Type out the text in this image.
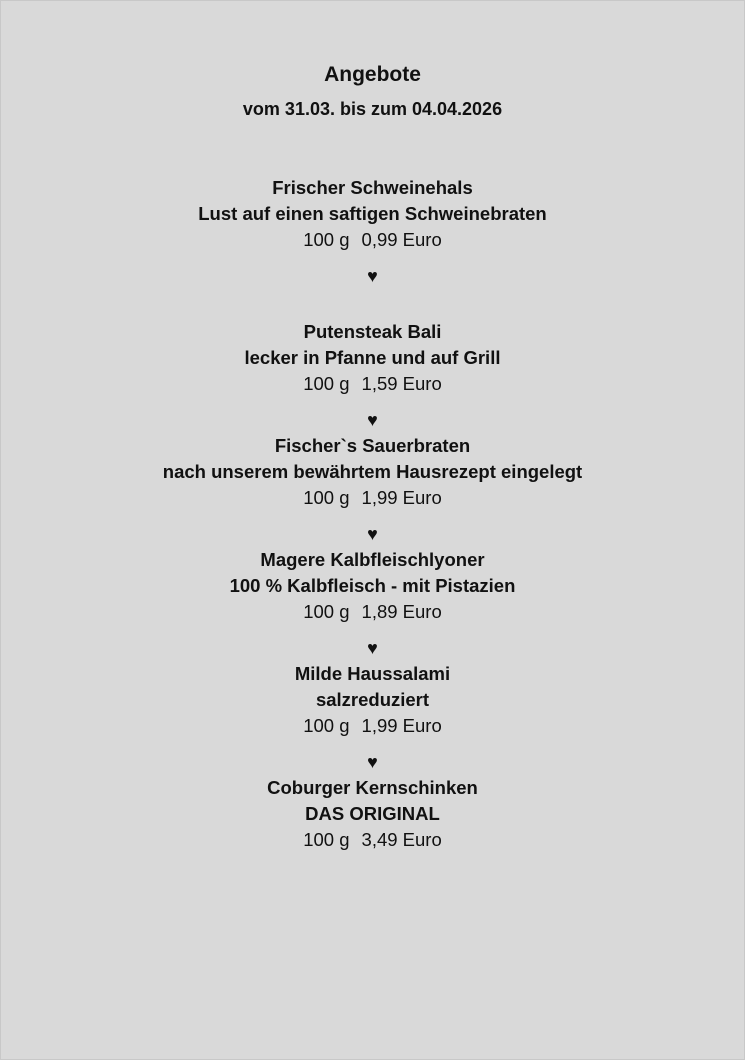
Angebote
vom 31.03. bis zum 04.04.2026
Frischer Schweinehals
Lust auf einen saftigen Schweinebraten
100 g 0,99 Euro
♥
Putensteak Bali
lecker in Pfanne und auf Grill
100 g 1,59 Euro
♥
Fischer`s Sauerbraten
nach unserem bewährtem Hausrezept eingelegt
100 g 1,99 Euro
♥
Magere Kalbfleischlyoner
100 % Kalbfleisch - mit Pistazien
100 g 1,89 Euro
♥
Milde Haussalami
salzreduziert
100 g 1,99 Euro
♥
Coburger Kernschinken
DAS ORIGINAL
100 g 3,49 Euro
